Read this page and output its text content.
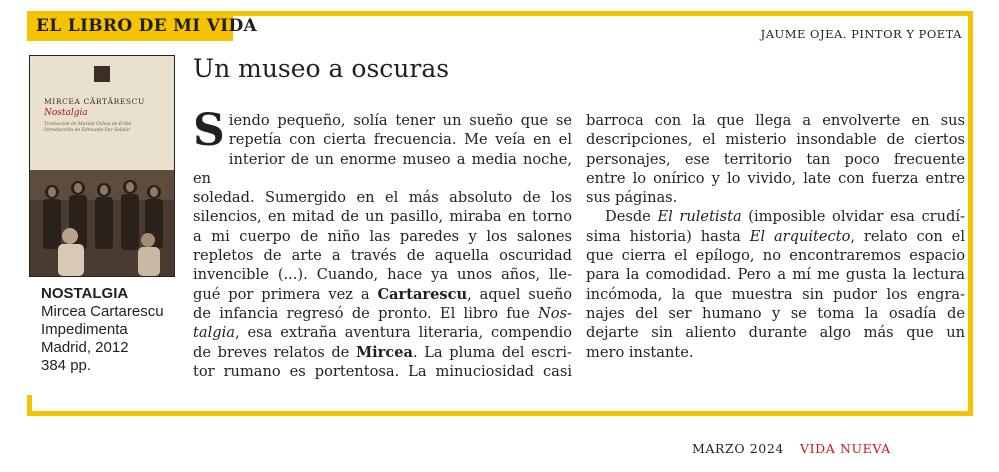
EL LIBRO DE MI VIDA	JAUME OJEA. PINTOR Y POETA
Un museo a oscuras
MIRCEA CĂRTĂRESCU
Nostalgia
Traducción de Marian Ochoa de Eribe
Introducción de Edmundo Paz Soldán
NOSTALGIA
Mircea Cartarescu
Impedimenta
Madrid, 2012
384 pp.
S iendo pequeño, solía tener un sueño que se
repetía con cierta frecuencia. Me veía en el
interior de un enorme museo a media noche, en
soledad. Sumergido en el más absoluto de los
silencios, en mitad de un pasillo, miraba en torno
a mi cuerpo de niño las paredes y los salones
repletos de arte a través de aquella oscuridad
invencible (...). Cuando, hace ya unos años, lle-
gué por primera vez a Cartarescu, aquel sueño
de infancia regresó de pronto. El libro fue Nos-
talgia, esa extraña aventura literaria, compendio
de breves relatos de Mircea. La pluma del escri-
tor rumano es portentosa. La minuciosidad casi
barroca con la que llega a envolverte en sus
descripciones, el misterio insondable de ciertos
personajes, ese territorio tan poco frecuente
entre lo onírico y lo vivido, late con fuerza entre
sus páginas.
Desde El ruletista (imposible olvidar esa crudí-
sima historia) hasta El arquitecto, relato con el
que cierra el epílogo, no encontraremos espacio
para la comodidad. Pero a mí me gusta la lectura
incómoda, la que muestra sin pudor los engra-
najes del ser humano y se toma la osadía de
dejarte sin aliento durante algo más que un
mero instante.
MARZO 2024 VIDA NUEVA
